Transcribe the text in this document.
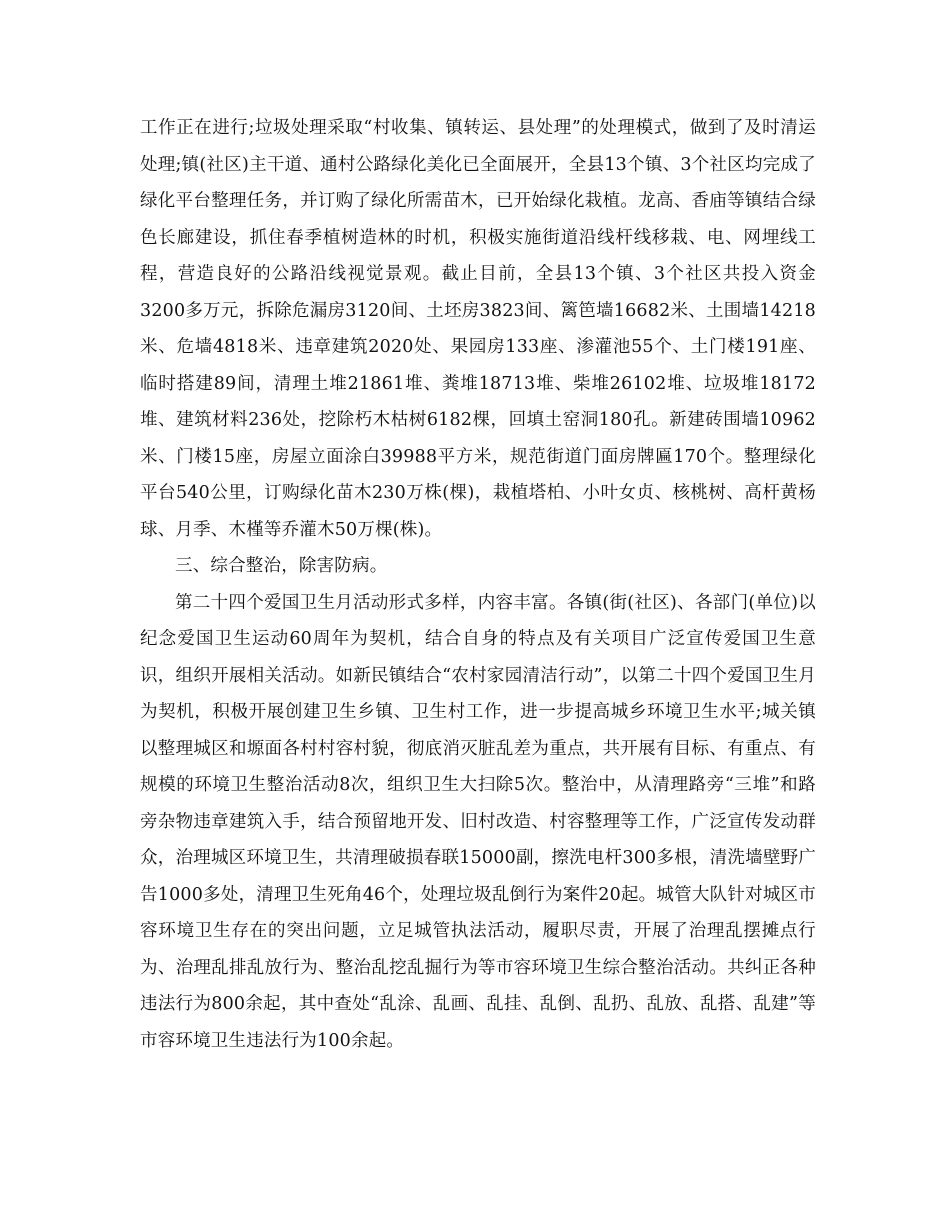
工作正在进行;垃圾处理采取“村收集、镇转运、县处理”的处理模式，做到了及时清运处理;镇(社区)主干道、通村公路绿化美化已全面展开，全县13个镇、3个社区均完成了绿化平台整理任务，并订购了绿化所需苗木，已开始绿化栽植。龙高、香庙等镇结合绿色长廊建设，抓住春季植树造林的时机，积极实施街道沿线杆线移栽、电、网埋线工程，营造良好的公路沿线视觉景观。截止目前，全县13个镇、3个社区共投入资金3200多万元，拆除危漏房3120间、土坯房3823间、篱笆墙16682米、土围墙14218米、危墙4818米、违章建筑2020处、果园房133座、渗灌池55个、土门楼191座、临时搭建89间，清理土堆21861堆、粪堆18713堆、柴堆26102堆、垃圾堆18172堆、建筑材料236处，挖除朽木枯树6182棵，回填土窑洞180孔。新建砖围墙10962米、门楼15座，房屋立面涂白39988平方米，规范街道门面房牌匾170个。整理绿化平台540公里，订购绿化苗木230万株(棵)，栽植塔柏、小叶女贞、核桃树、高杆黄杨球、月季、木槿等乔灌木50万棵(株)。

三、综合整治，除害防病。

第二十四个爱国卫生月活动形式多样，内容丰富。各镇(街(社区)、各部门(单位)以纪念爱国卫生运动60周年为契机，结合自身的特点及有关项目广泛宣传爱国卫生意识，组织开展相关活动。如新民镇结合“农村家园清洁行动”，以第二十四个爱国卫生月为契机，积极开展创建卫生乡镇、卫生村工作，进一步提高城乡环境卫生水平;城关镇以整理城区和塬面各村村容村貌，彻底消灭脏乱差为重点，共开展有目标、有重点、有规模的环境卫生整治活动8次，组织卫生大扫除5次。整治中，从清理路旁“三堆”和路旁杂物违章建筑入手，结合预留地开发、旧村改造、村容整理等工作，广泛宣传发动群众，治理城区环境卫生，共清理破损春联15000副，擦洗电杆300多根，清洗墙壁野广告1000多处，清理卫生死角46个，处理垃圾乱倒行为案件20起。城管大队针对城区市容环境卫生存在的突出问题，立足城管执法活动，履职尽责，开展了治理乱摆摊点行为、治理乱排乱放行为、整治乱挖乱掘行为等市容环境卫生综合整治活动。共纠正各种违法行为800余起，其中查处“乱涂、乱画、乱挂、乱倒、乱扔、乱放、乱搭、乱建”等市容环境卫生违法行为100余起。
